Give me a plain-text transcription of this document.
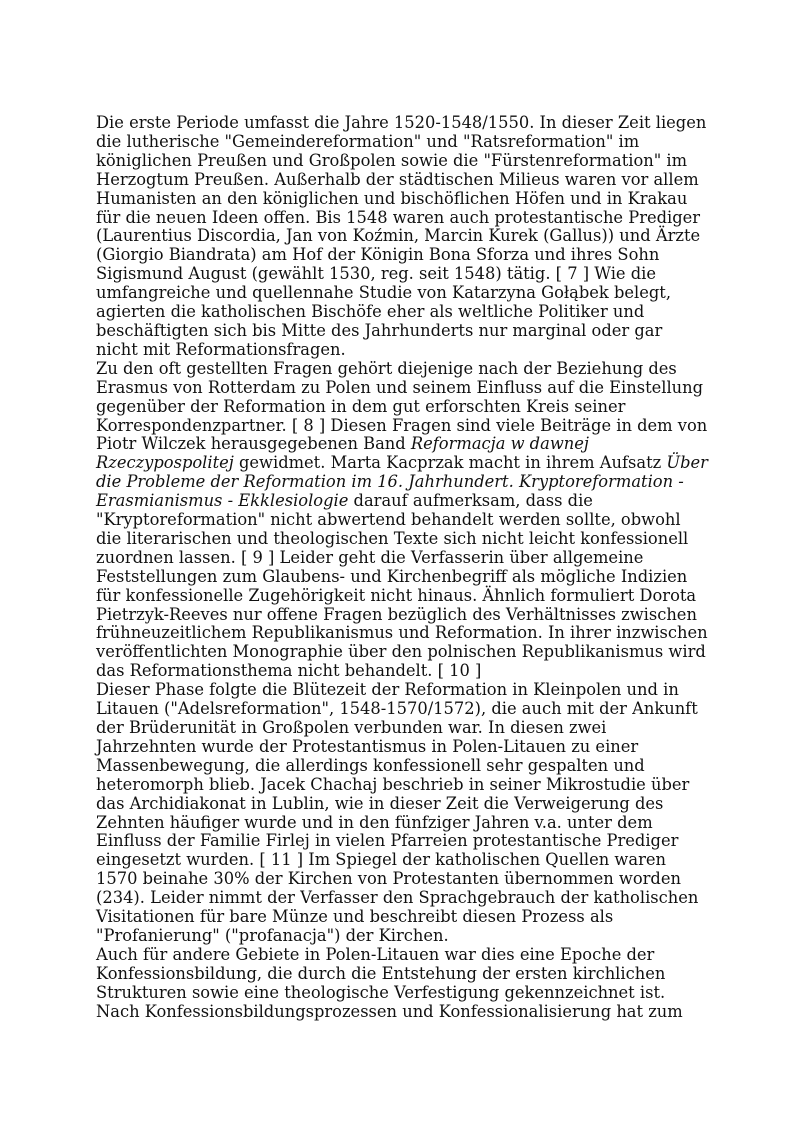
Die erste Periode umfasst die Jahre 1520-1548/1550. In dieser Zeit liegen die lutherische "Gemeindereformation" und "Ratsreformation" im königlichen Preußen und Großpolen sowie die "Fürstenreformation" im Herzogtum Preußen. Außerhalb der städtischen Milieus waren vor allem Humanisten an den königlichen und bischöflichen Höfen und in Krakau für die neuen Ideen offen. Bis 1548 waren auch protestantische Prediger (Laurentius Discordia, Jan von Koźmin, Marcin Kurek (Gallus)) und Ärzte (Giorgio Biandrata) am Hof der Königin Bona Sforza und ihres Sohn Sigismund August (gewählt 1530, reg. seit 1548) tätig. [ 7 ] Wie die umfangreiche und quellennahe Studie von Katarzyna Gołąbek belegt, agierten die katholischen Bischöfe eher als weltliche Politiker und beschäftigten sich bis Mitte des Jahrhunderts nur marginal oder gar nicht mit Reformationsfragen.

Zu den oft gestellten Fragen gehört diejenige nach der Beziehung des Erasmus von Rotterdam zu Polen und seinem Einfluss auf die Einstellung gegenüber der Reformation in dem gut erforschten Kreis seiner Korrespondenzpartner. [ 8 ] Diesen Fragen sind viele Beiträge in dem von Piotr Wilczek herausgegebenen Band Reformacja w dawnej Rzeczypospolitej gewidmet. Marta Kacprzak macht in ihrem Aufsatz Über die Probleme der Reformation im 16. Jahrhundert. Kryptoreformation - Erasmianismus - Ekklesiologie darauf aufmerksam, dass die "Kryptoreformation" nicht abwertend behandelt werden sollte, obwohl die literarischen und theologischen Texte sich nicht leicht konfessionell zuordnen lassen. [ 9 ] Leider geht die Verfasserin über allgemeine Feststellungen zum Glaubens- und Kirchenbegriff als mögliche Indizien für konfessionelle Zugehörigkeit nicht hinaus. Ähnlich formuliert Dorota Pietrzyk-Reeves nur offene Fragen bezüglich des Verhältnisses zwischen frühneuzeitlichem Republikanismus und Reformation. In ihrer inzwischen veröffentlichten Monographie über den polnischen Republikanismus wird das Reformationsthema nicht behandelt. [ 10 ]

Dieser Phase folgte die Blütezeit der Reformation in Kleinpolen und in Litauen ("Adelsreformation", 1548-1570/1572), die auch mit der Ankunft der Brüderunität in Großpolen verbunden war. In diesen zwei Jahrzehnten wurde der Protestantismus in Polen-Litauen zu einer Massenbewegung, die allerdings konfessionell sehr gespalten und heteromorph blieb. Jacek Chachaj beschrieb in seiner Mikrostudie über das Archidiakonat in Lublin, wie in dieser Zeit die Verweigerung des Zehnten häufiger wurde und in den fünfziger Jahren v.a. unter dem Einfluss der Familie Firlej in vielen Pfarreien protestantische Prediger eingesetzt wurden. [ 11 ] Im Spiegel der katholischen Quellen waren 1570 beinahe 30% der Kirchen von Protestanten übernommen worden (234). Leider nimmt der Verfasser den Sprachgebrauch der katholischen Visitationen für bare Münze und beschreibt diesen Prozess als "Profanierung" ("profanacja") der Kirchen.

Auch für andere Gebiete in Polen-Litauen war dies eine Epoche der Konfessionsbildung, die durch die Entstehung der ersten kirchlichen Strukturen sowie eine theologische Verfestigung gekennzeichnet ist. Nach Konfessionsbildungsprozessen und Konfessionalisierung hat zum
